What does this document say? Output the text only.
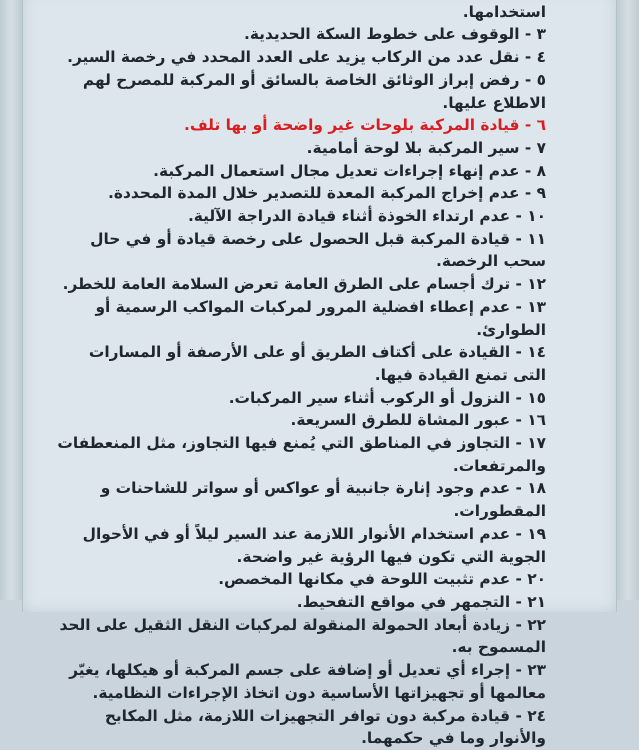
استخدامها.
٣ - الوقوف على خطوط السكة الحديدية.
٤ - نقل عدد من الركاب يزيد على العدد المحدد في رخصة السير.
٥ - رفض إبراز الوثائق الخاصة بالسائق أو المركبة للمصرح لهم الاطلاع عليها.
٦ - قيادة المركبة بلوحات غير واضحة أو بها تلف.
٧ - سير المركبة بلا لوحة أمامية.
٨ - عدم إنهاء إجراءات تعديل مجال استعمال المركبة.
٩ - عدم إخراج المركبة المعدة للتصدير خلال المدة المحددة.
١٠ - عدم ارتداء الخوذة أثناء قيادة الدراجة الآلية.
١١ - قيادة المركبة قبل الحصول على رخصة قيادة أو في حال سحب الرخصة.
١٢ - ترك أجسام على الطرق العامة تعرض السلامة العامة للخطر.
١٣ - عدم إعطاء افضلية المرور لمركبات المواكب الرسمية أو الطوارئ.
١٤ - القيادة على أكتاف الطريق أو على الأرصفة أو المسارات التى تمنع القيادة فيها.
١٥ - النزول أو الركوب أثناء سير المركبات.
١٦ - عبور المشاة للطرق السريعة.
١٧ - التجاوز في المناطق التي يُمنع فيها التجاوز، مثل المنعطفات والمرتفعات.
١٨ - عدم وجود إنارة جانبية أو عواكس أو سواتر للشاحنات و المقطورات.
١٩ - عدم استخدام الأنوار اللازمة عند السير ليلاً أو في الأحوال الجوية التي تكون فيها الرؤية غير واضحة.
٢٠ - عدم تثبيت اللوحة في مكانها المخصص.
٢١ - التجمهر في مواقع التفحيط.
٢٢ - زيادة أبعاد الحمولة المنقولة لمركبات النقل الثقيل على الحد المسموح به.
٢٣ - إجراء أي تعديل أو إضافة على جسم المركبة أو هيكلها، يغيّر معالمها أو تجهيزاتها الأساسية دون اتخاذ الإجراءات النظامية.
٢٤ - قيادة مركبة دون توافر التجهيزات اللازمة، مثل المكابح والأنوار وما في حكمهما.
